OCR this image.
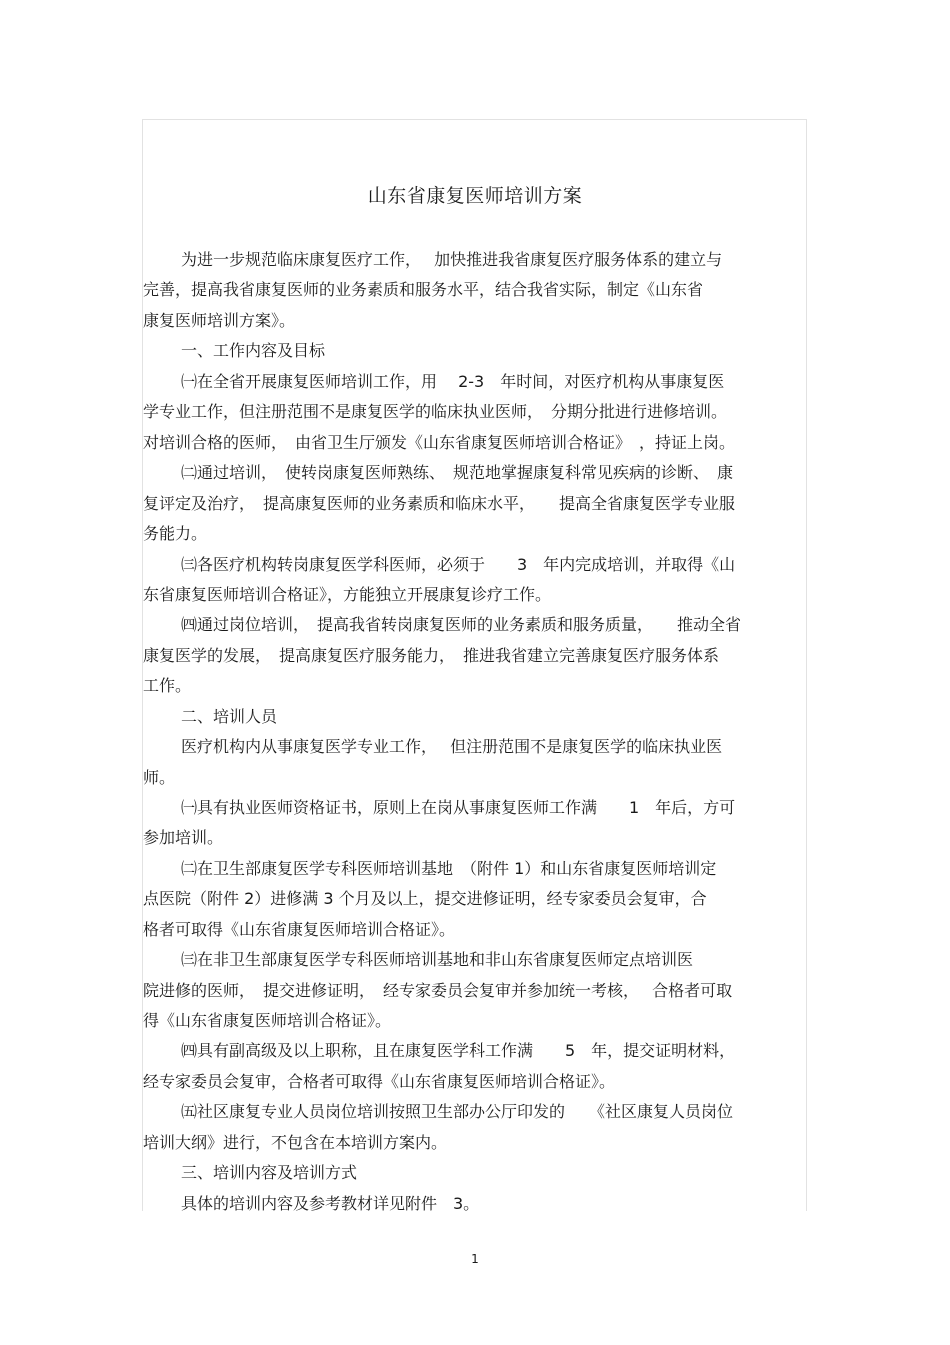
山东省康复医师培训方案
为进一步规范临床康复医疗工作，　 加快推进我省康复医疗服务体系的建立与
完善，提高我省康复医师的业务素质和服务水平，结合我省实际，制定《山东省
康复医师培训方案》。
一、工作内容及目标
㈠在全省开展康复医师培训工作，用　 2-3　年时间，对医疗机构从事康复医
学专业工作，但注册范围不是康复医学的临床执业医师，　分期分批进行进修培训。
对培训合格的医师，　由省卫生厅颁发《山东省康复医师培训合格证》　，持证上岗。
㈡通过培训，　使转岗康复医师熟练、　规范地掌握康复科常见疾病的诊断、　康
复评定及治疗，　提高康复医师的业务素质和临床水平，　　提高全省康复医学专业服
务能力。
㈢各医疗机构转岗康复医学科医师，必须于　　3　年内完成培训，并取得《山
东省康复医师培训合格证》，方能独立开展康复诊疗工作。
㈣通过岗位培训，　提高我省转岗康复医师的业务素质和服务质量，　　推动全省
康复医学的发展，　提高康复医疗服务能力，　推进我省建立完善康复医疗服务体系
工作。
二、培训人员
医疗机构内从事康复医学专业工作，　 但注册范围不是康复医学的临床执业医
师。
㈠具有执业医师资格证书，原则上在岗从事康复医师工作满　　1　年后，方可
参加培训。
㈡在卫生部康复医学专科医师培训基地　（附件 1）和山东省康复医师培训定
点医院（附件 2）进修满 3 个月及以上，提交进修证明，经专家委员会复审，合
格者可取得《山东省康复医师培训合格证》。
㈢在非卫生部康复医学专科医师培训基地和非山东省康复医师定点培训医
院进修的医师，　提交进修证明，　经专家委员会复审并参加统一考核，　 合格者可取
得《山东省康复医师培训合格证》。
㈣具有副高级及以上职称，且在康复医学科工作满　　5　年，提交证明材料，
经专家委员会复审，合格者可取得《山东省康复医师培训合格证》。
㈤社区康复专业人员岗位培训按照卫生部办公厅印发的　　《社区康复人员岗位
培训大纲》进行，不包含在本培训方案内。
三、培训内容及培训方式
具体的培训内容及参考教材详见附件　3。
1
